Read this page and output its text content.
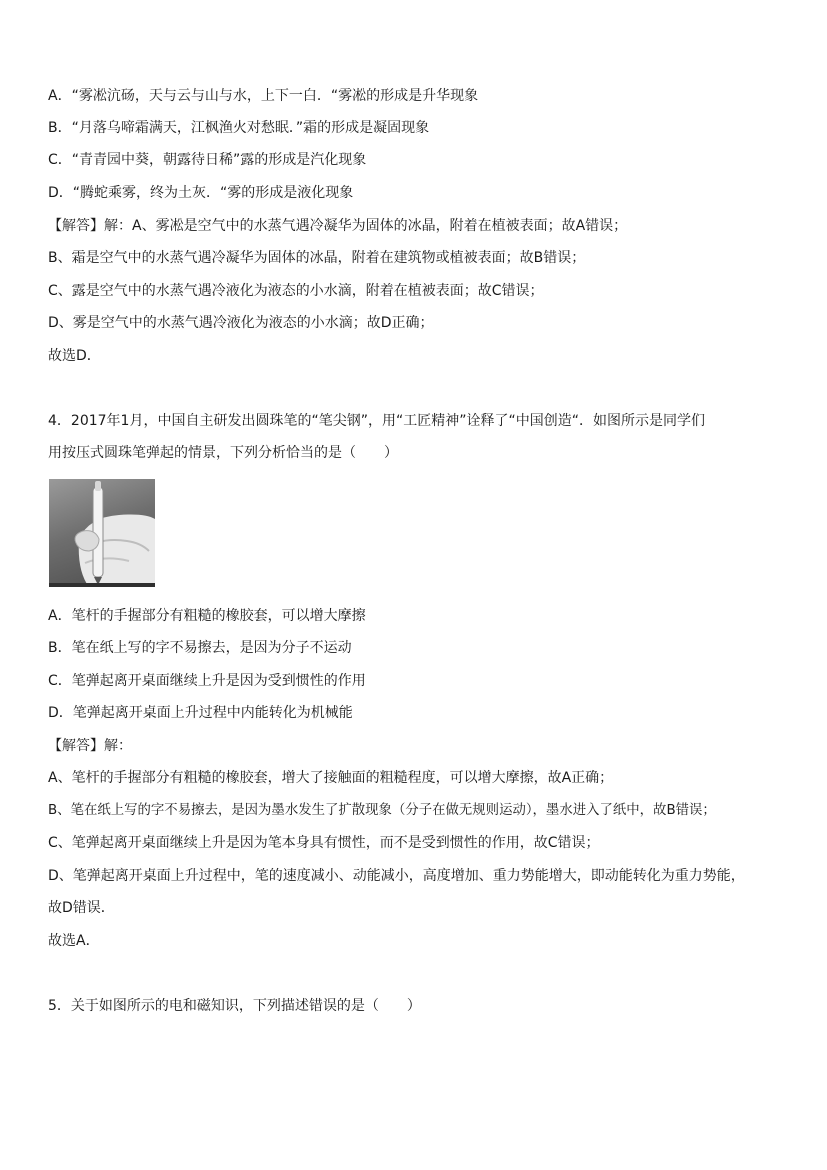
A．“雾凇沆砀，天与云与山与水，上下一白．“雾凇的形成是升华现象

B．“月落乌啼霜满天，江枫渔火对愁眠．”霜的形成是凝固现象

C．“青青园中葵，朝露待日稀”露的形成是汽化现象

D．“腾蛇乘雾，终为土灰．“雾的形成是液化现象

【解答】解：A、雾凇是空气中的水蒸气遇冷凝华为固体的冰晶，附着在植被表面；故A错误；

B、霜是空气中的水蒸气遇冷凝华为固体的冰晶，附着在建筑物或植被表面；故B错误；

C、露是空气中的水蒸气遇冷液化为液态的小水滴，附着在植被表面；故C错误；

D、雾是空气中的水蒸气遇冷液化为液态的小水滴；故D正确；

故选D．

4．2017年1月，中国自主研发出圆珠笔的“笔尖钢”，用“工匠精神”诠释了“中国创造“．如图所示是同学们

用按压式圆珠笔弹起的情景，下列分析恰当的是（　　）

A．笔杆的手握部分有粗糙的橡胶套，可以增大摩擦

B．笔在纸上写的字不易擦去，是因为分子不运动

C．笔弹起离开桌面继续上升是因为受到惯性的作用

D．笔弹起离开桌面上升过程中内能转化为机械能

【解答】解：

A、笔杆的手握部分有粗糙的橡胶套，增大了接触面的粗糙程度，可以增大摩擦，故A正确；

B、笔在纸上写的字不易擦去，是因为墨水发生了扩散现象（分子在做无规则运动），墨水进入了纸中，故B错误；

C、笔弹起离开桌面继续上升是因为笔本身具有惯性，而不是受到惯性的作用，故C错误；

D、笔弹起离开桌面上升过程中，笔的速度减小、动能减小，高度增加、重力势能增大，即动能转化为重力势能，

故D错误．

故选A．

5．关于如图所示的电和磁知识，下列描述错误的是（　　）
